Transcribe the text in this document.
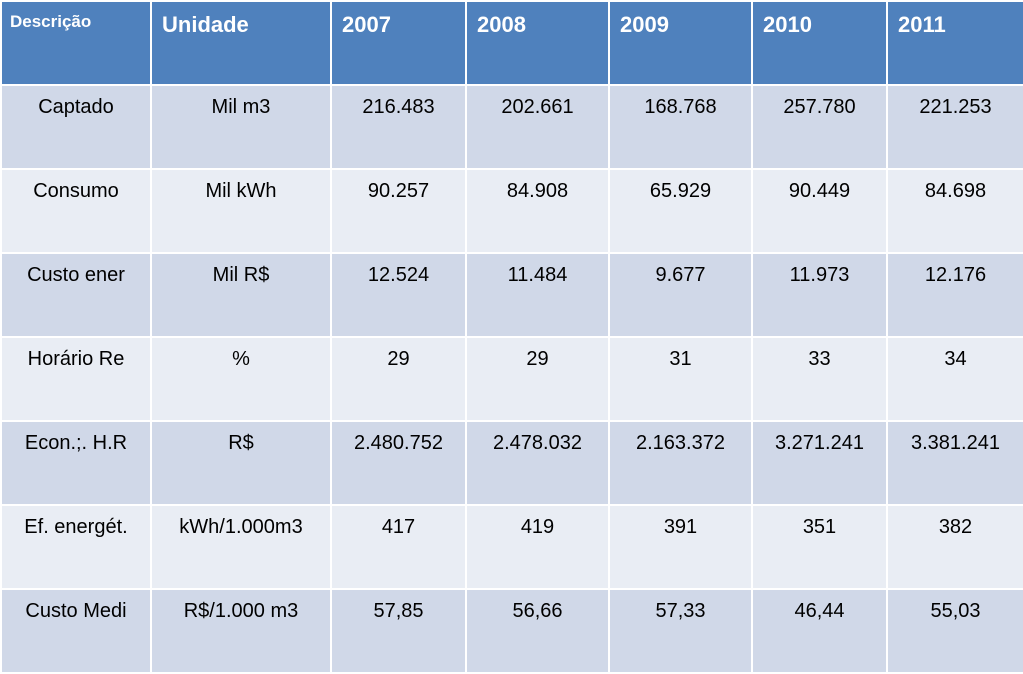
Descrição	Unidade	2007	2008	2009	2010	2011
Captado	Mil m3	216.483	202.661	168.768	257.780	221.253
Consumo	Mil kWh	90.257	84.908	65.929	90.449	84.698
Custo ener	Mil R$	12.524	11.484	9.677	11.973	12.176
Horário Re	%	29	29	31	33	34
Econ.;. H.R	R$	2.480.752	2.478.032	2.163.372	3.271.241	3.381.241
Ef. energét.	kWh/1.000m3	417	419	391	351	382
Custo Medi	R$/1.000 m3	57,85	56,66	57,33	46,44	55,03
